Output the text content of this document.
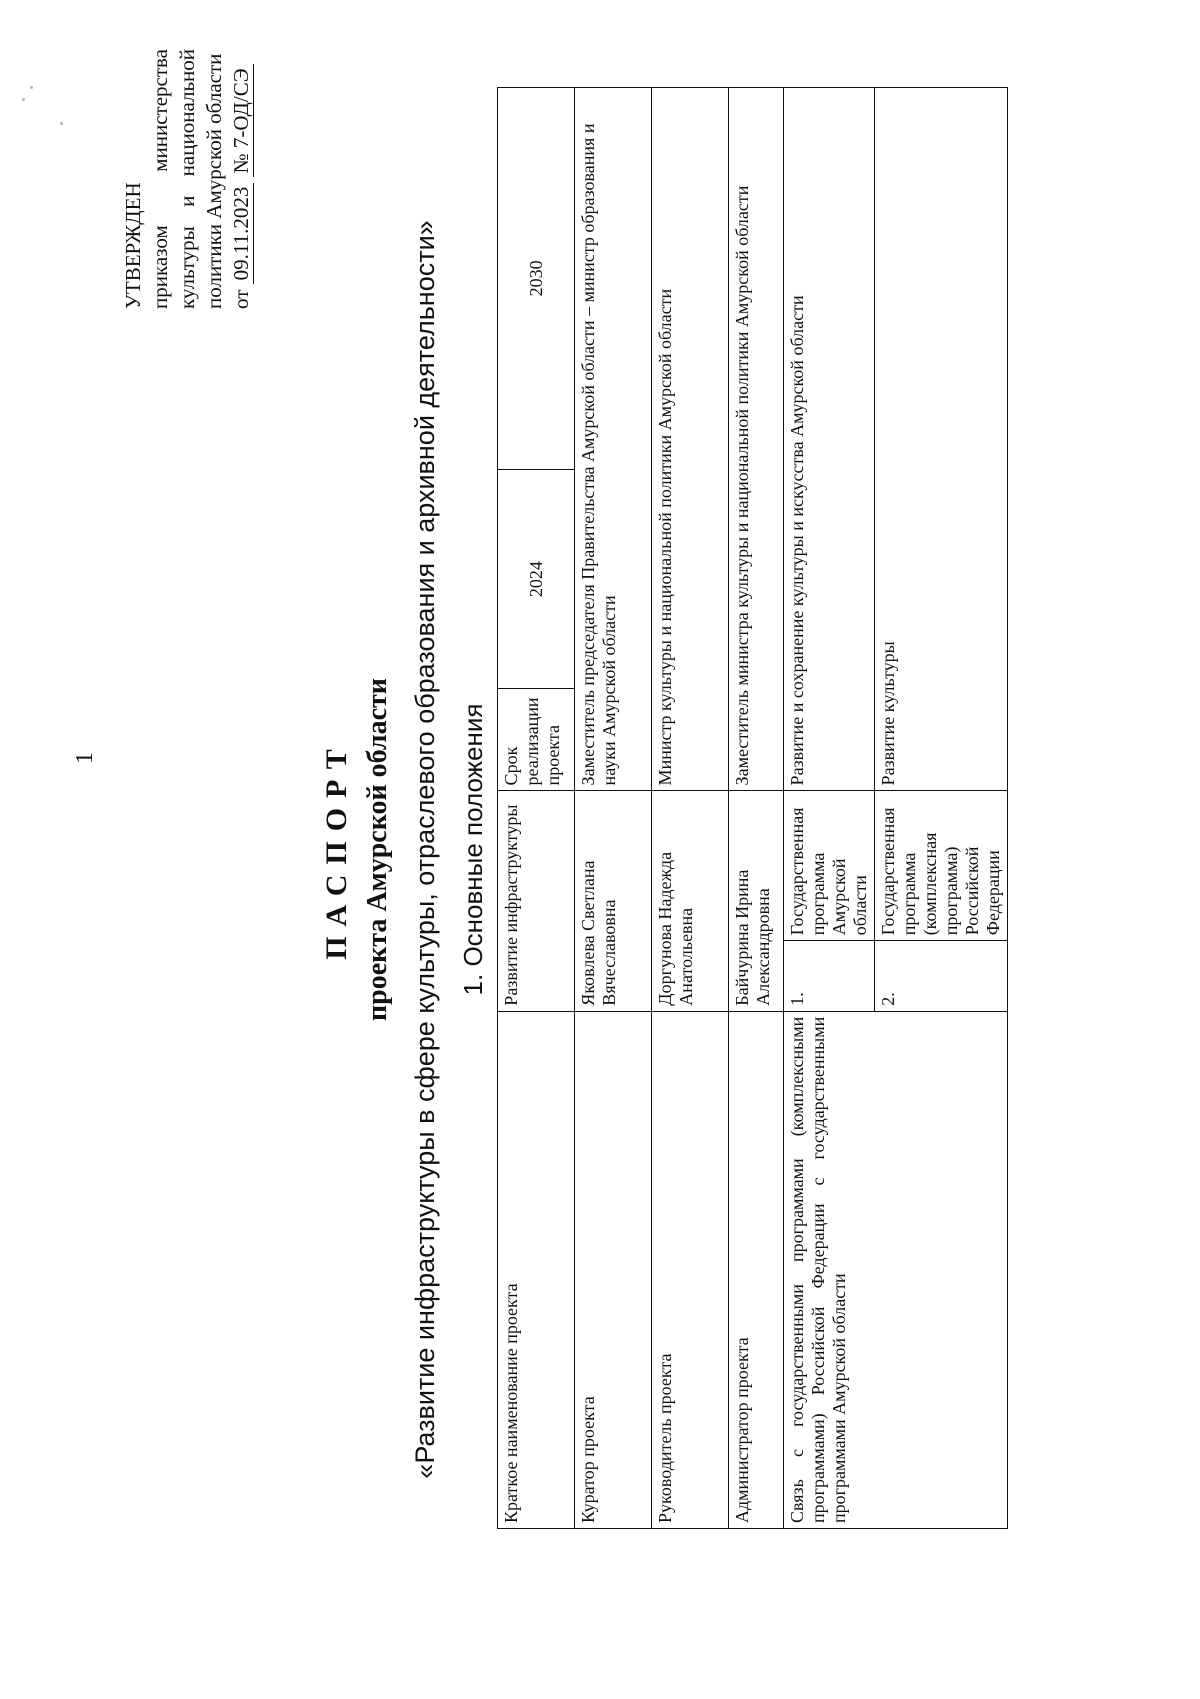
1
УТВЕРЖДЕН приказом
министерства
культуры
и
национальной политики Амурской области от 09.11.2023 № 7-ОД/СЭ
ПАСПОРТ проекта Амурской области «Развитие инфраструктуры в сфере культуры, отраслевого образования и архивной деятельности» 1. Основные положения
Краткое наименование проекта	Развитие инфраструктуры		Срок реализации проекта	2024	2030
Куратор проекта	Яковлева Светлана Вячеславовна		Заместитель председателя Правительства Амурской области – министр образования и науки Амурской области		
Руководитель проекта	Доргунова Надежда Анатольевна		Министр культуры и национальной политики Амурской области		
Администратор проекта	Байчурина Ирина Александровна		Заместитель министра культуры и национальной политики Амурской области		
Связь с государственными программами (комплексными программами) Российской Федерации с государственными программами Амурской области	1.	Государственная программа Амурской области	Развитие и сохранение культуры и искусства Амурской области		
	2.	Государственная программа (комплексная программа) Российской Федерации	Развитие культуры		
